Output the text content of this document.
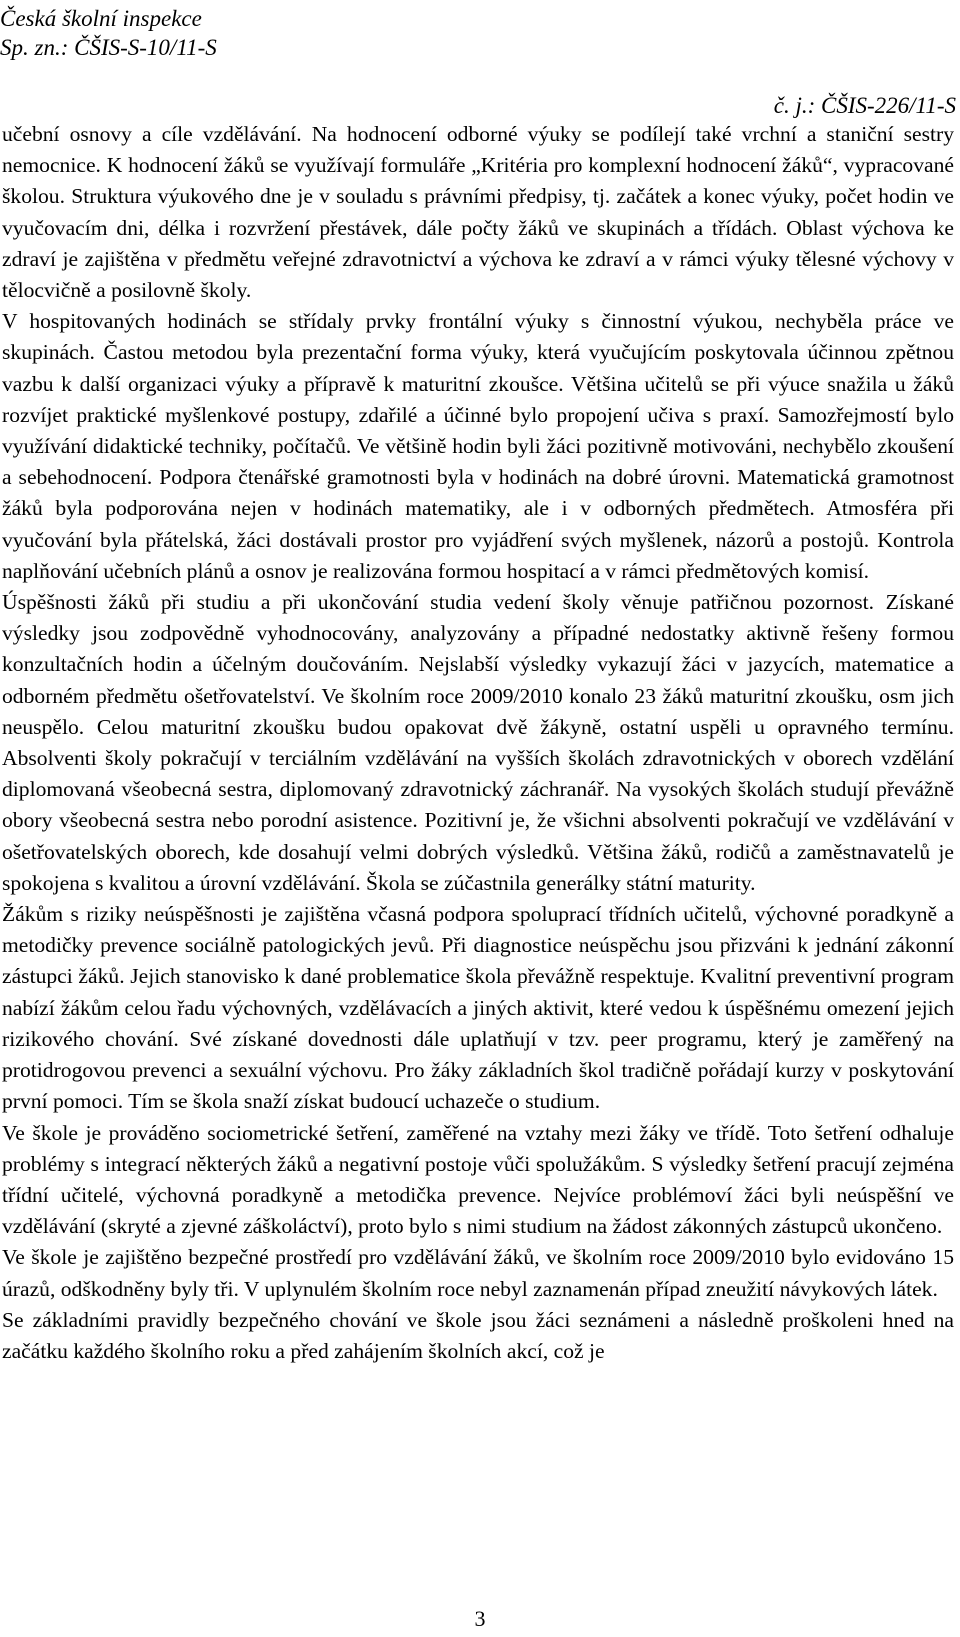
Česká školní inspekce
Sp. zn.: ČŠIS-S-10/11-S
č. j.: ČŠIS-226/11-S

učební osnovy a cíle vzdělávání. Na hodnocení odborné výuky se podílejí také vrchní a staniční sestry nemocnice. K hodnocení žáků se využívají formuláře „Kritéria pro komplexní hodnocení žáků“, vypracované školou. Struktura výukového dne je v souladu s právními předpisy, tj. začátek a konec výuky, počet hodin ve vyučovacím dni, délka i rozvržení přestávek, dále počty žáků ve skupinách a třídách. Oblast výchova ke zdraví je zajištěna v předmětu veřejné zdravotnictví a výchova ke zdraví a v rámci výuky tělesné výchovy v tělocvičně a posilovně školy.

V hospitovaných hodinách se střídaly prvky frontální výuky s činnostní výukou, nechyběla práce ve skupinách. Častou metodou byla prezentační forma výuky, která vyučujícím poskytovala účinnou zpětnou vazbu k další organizaci výuky a přípravě k maturitní zkoušce. Většina učitelů se při výuce snažila u žáků rozvíjet praktické myšlenkové postupy, zdařilé a účinné bylo propojení učiva s praxí. Samozřejmostí bylo využívání didaktické techniky, počítačů. Ve většině hodin byli žáci pozitivně motivováni, nechybělo zkoušení a sebehodnocení. Podpora čtenářské gramotnosti byla v hodinách na dobré úrovni. Matematická gramotnost žáků byla podporována nejen v hodinách matematiky, ale i v odborných předmětech. Atmosféra při vyučování byla přátelská, žáci dostávali prostor pro vyjádření svých myšlenek, názorů a postojů. Kontrola naplňování učebních plánů a osnov je realizována formou hospitací a v rámci předmětových komisí.

Úspěšnosti žáků při studiu a při ukončování studia vedení školy věnuje patřičnou pozornost. Získané výsledky jsou zodpovědně vyhodnocovány, analyzovány a případné nedostatky aktivně řešeny formou konzultačních hodin a účelným doučováním. Nejslabší výsledky vykazují žáci v jazycích, matematice a odborném předmětu ošetřovatelství. Ve školním roce 2009/2010 konalo 23 žáků maturitní zkoušku, osm jich neuspělo. Celou maturitní zkoušku budou opakovat dvě žákyně, ostatní uspěli u opravného termínu. Absolventi školy pokračují v terciálním vzdělávání na vyšších školách zdravotnických v oborech vzdělání diplomovaná všeobecná sestra, diplomovaný zdravotnický záchranář. Na vysokých školách studují převážně obory všeobecná sestra nebo porodní asistence. Pozitivní je, že všichni absolventi pokračují ve vzdělávání v ošetřovatelských oborech, kde dosahují velmi dobrých výsledků. Většina žáků, rodičů a zaměstnavatelů je spokojena s kvalitou a úrovní vzdělávání. Škola se zúčastnila generálky státní maturity.

Žákům s riziky neúspěšnosti je zajištěna včasná podpora spoluprací třídních učitelů, výchovné poradkyně a metodičky prevence sociálně patologických jevů. Při diagnostice neúspěchu jsou přizváni k jednání zákonní zástupci žáků. Jejich stanovisko k dané problematice škola převážně respektuje. Kvalitní preventivní program nabízí žákům celou řadu výchovných, vzdělávacích a jiných aktivit, které vedou k úspěšnému omezení jejich rizikového chování. Své získané dovednosti dále uplatňují v tzv. peer programu, který je zaměřený na protidrogovou prevenci a sexuální výchovu. Pro žáky základních škol tradičně pořádají kurzy v poskytování první pomoci. Tím se škola snaží získat budoucí uchazeče o studium.

Ve škole je prováděno sociometrické šetření, zaměřené na vztahy mezi žáky ve třídě. Toto šetření odhaluje problémy s integrací některých žáků a negativní postoje vůči spolužákům. S výsledky šetření pracují zejména třídní učitelé, výchovná poradkyně a metodička prevence. Nejvíce problémoví žáci byli neúspěšní ve vzdělávání (skryté a zjevné záškoláctví), proto bylo s nimi studium na žádost zákonných zástupců ukončeno.

Ve škole je zajištěno bezpečné prostředí pro vzdělávání žáků, ve školním roce 2009/2010 bylo evidováno 15 úrazů, odškodněny byly tři. V uplynulém školním roce nebyl zaznamenán případ zneužití návykových látek.

Se základními pravidly bezpečného chování ve škole jsou žáci seznámeni a následně proškoleni hned na začátku každého školního roku a před zahájením školních akcí, což je

3
